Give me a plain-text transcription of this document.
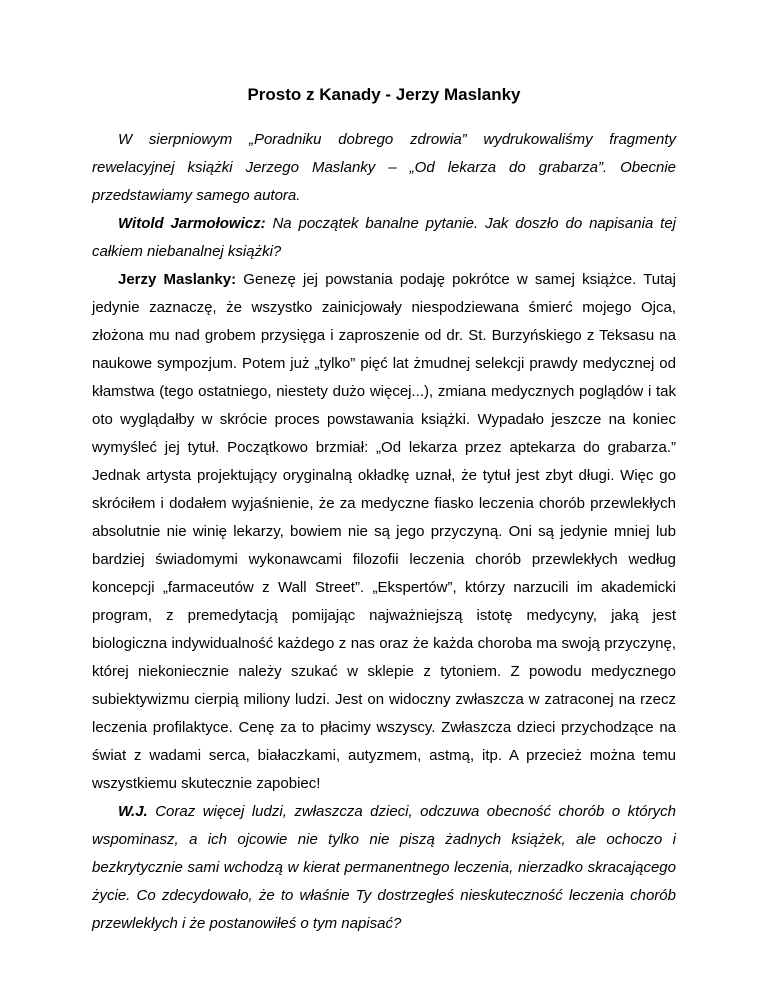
Prosto z Kanady - Jerzy Maslanky

W sierpniowym „Poradniku dobrego zdrowia” wydrukowaliśmy fragmenty rewelacyjnej książki Jerzego Maslanky – „Od lekarza do grabarza”. Obecnie przedstawiamy samego autora.

Witold Jarmołowicz: Na początek banalne pytanie. Jak doszło do napisania tej całkiem niebanalnej książki?

Jerzy Maslanky: Genezę jej powstania podaję pokrótce w samej książce. Tutaj jedynie zaznaczę, że wszystko zainicjowały niespodziewana śmierć mojego Ojca, złożona mu nad grobem przysięga i zaproszenie od dr. St. Burzyńskiego z Teksasu na naukowe sympozjum. Potem już „tylko” pięć lat żmudnej selekcji prawdy medycznej od kłamstwa (tego ostatniego, niestety dużo więcej...), zmiana medycznych poglądów i tak oto wyglądałby w skrócie proces powstawania książki. Wypadało jeszcze na koniec wymyśleć jej tytuł. Początkowo brzmiał: „Od lekarza przez aptekarza do grabarza.” Jednak artysta projektujący oryginalną okładkę uznał, że tytuł jest zbyt długi. Więc go skróciłem i dodałem wyjaśnienie, że za medyczne fiasko leczenia chorób przewlekłych absolutnie nie winię lekarzy, bowiem nie są jego przyczyną. Oni są jedynie mniej lub bardziej świadomymi wykonawcami filozofii leczenia chorób przewlekłych według koncepcji „farmaceutów z Wall Street”. „Ekspertów”, którzy narzucili im akademicki program, z premedytacją pomijając najważniejszą istotę medycyny, jaką jest biologiczna indywidualność każdego z nas oraz że każda choroba ma swoją przyczynę, której niekoniecznie należy szukać w sklepie z tytoniem. Z powodu medycznego subiektywizmu cierpią miliony ludzi. Jest on widoczny zwłaszcza w zatraconej na rzecz leczenia profilaktyce. Cenę za to płacimy wszyscy. Zwłaszcza dzieci przychodzące na świat z wadami serca, białaczkami, autyzmem, astmą, itp. A przecież można temu wszystkiemu skutecznie zapobiec!

W.J. Coraz więcej ludzi, zwłaszcza dzieci, odczuwa obecność chorób o których wspominasz, a ich ojcowie nie tylko nie piszą żadnych książek, ale ochoczo i bezkrytycznie sami wchodzą w kierat permanentnego leczenia, nierzadko skracającego życie. Co zdecydowało, że to właśnie Ty dostrzegłeś nieskuteczność leczenia chorób przewlekłych i że postanowiłeś o tym napisać?
